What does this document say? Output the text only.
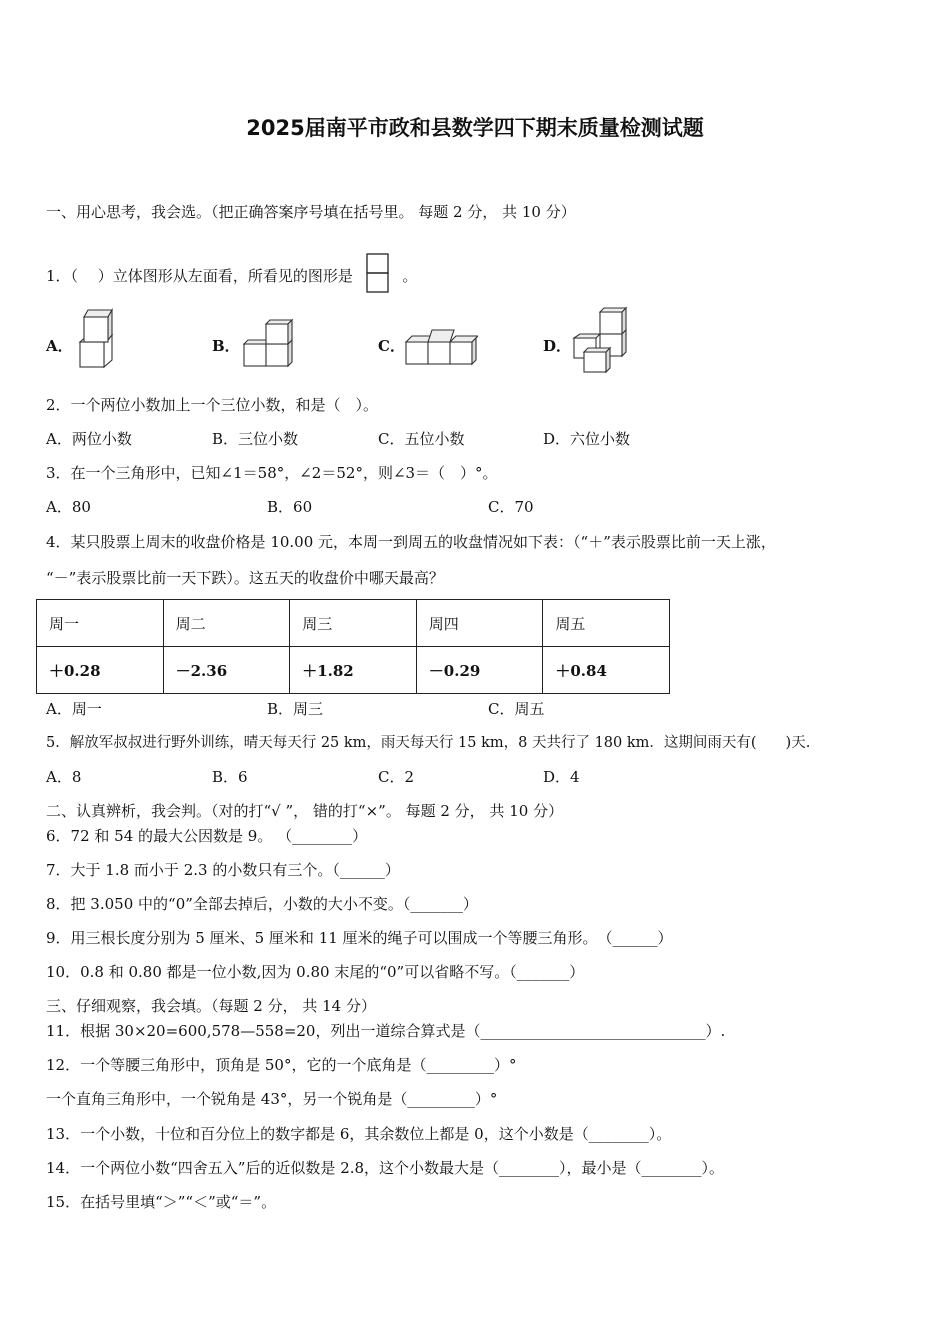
2025届南平市政和县数学四下期末质量检测试题
一、用心思考，我会选。（把正确答案序号填在括号里。 每题 2 分， 共 10 分）
1．（　 ）立体图形从左面看，所看见的图形是	。
A．	B．	C．	D．
2．一个两位小数加上一个三位小数，和是（　）。
A．两位小数	B．三位小数	C．五位小数	D．六位小数
3．在一个三角形中，已知∠1＝58°，∠2＝52°，则∠3＝（　）°。
A．80	B．60	C．70
4．某只股票上周末的收盘价格是 10.00 元，本周一到周五的收盘情况如下表：（“＋”表示股票比前一天上涨，
“－”表示股票比前一天下跌）。这五天的收盘价中哪天最高？
周一	周二	周三	周四	周五
＋0.28	－2.36	＋1.82	－0.29	＋0.84
A．周一	B．周三	C．周五
5．解放军叔叔进行野外训练，晴天每天行 25 km，雨天每天行 15 km，8 天共行了 180 km．这期间雨天有(　　)天.
A．8	B．6	C．2	D．4
二、认真辨析，我会判。（对的打“√ ”， 错的打“×”。 每题 2 分， 共 10 分）
6．72 和 54 的最大公因数是 9。 （________）
7．大于 1.8 而小于 2.3 的小数只有三个。（______）
8．把 3.050 中的“0”全部去掉后，小数的大小不变。（_______）
9．用三根长度分别为 5 厘米、5 厘米和 11 厘米的绳子可以围成一个等腰三角形。　（______）
10．0.8 和 0.80 都是一位小数,因为 0.80 末尾的“0”可以省略不写。（_______）
三、仔细观察，我会填。（每题 2 分， 共 14 分）
11．根据 30×20=600,578—558=20，列出一道综合算式是（______________________________）.
12．一个等腰三角形中，顶角是 50°，它的一个底角是（_________）°
一个直角三角形中，一个锐角是 43°，另一个锐角是（_________）°
13．一个小数，十位和百分位上的数字都是 6，其余数位上都是 0，这个小数是（________）。
14．一个两位小数“四舍五入”后的近似数是 2.8，这个小数最大是（________），最小是（________）。
15．在括号里填“＞”“＜”或“＝”。
